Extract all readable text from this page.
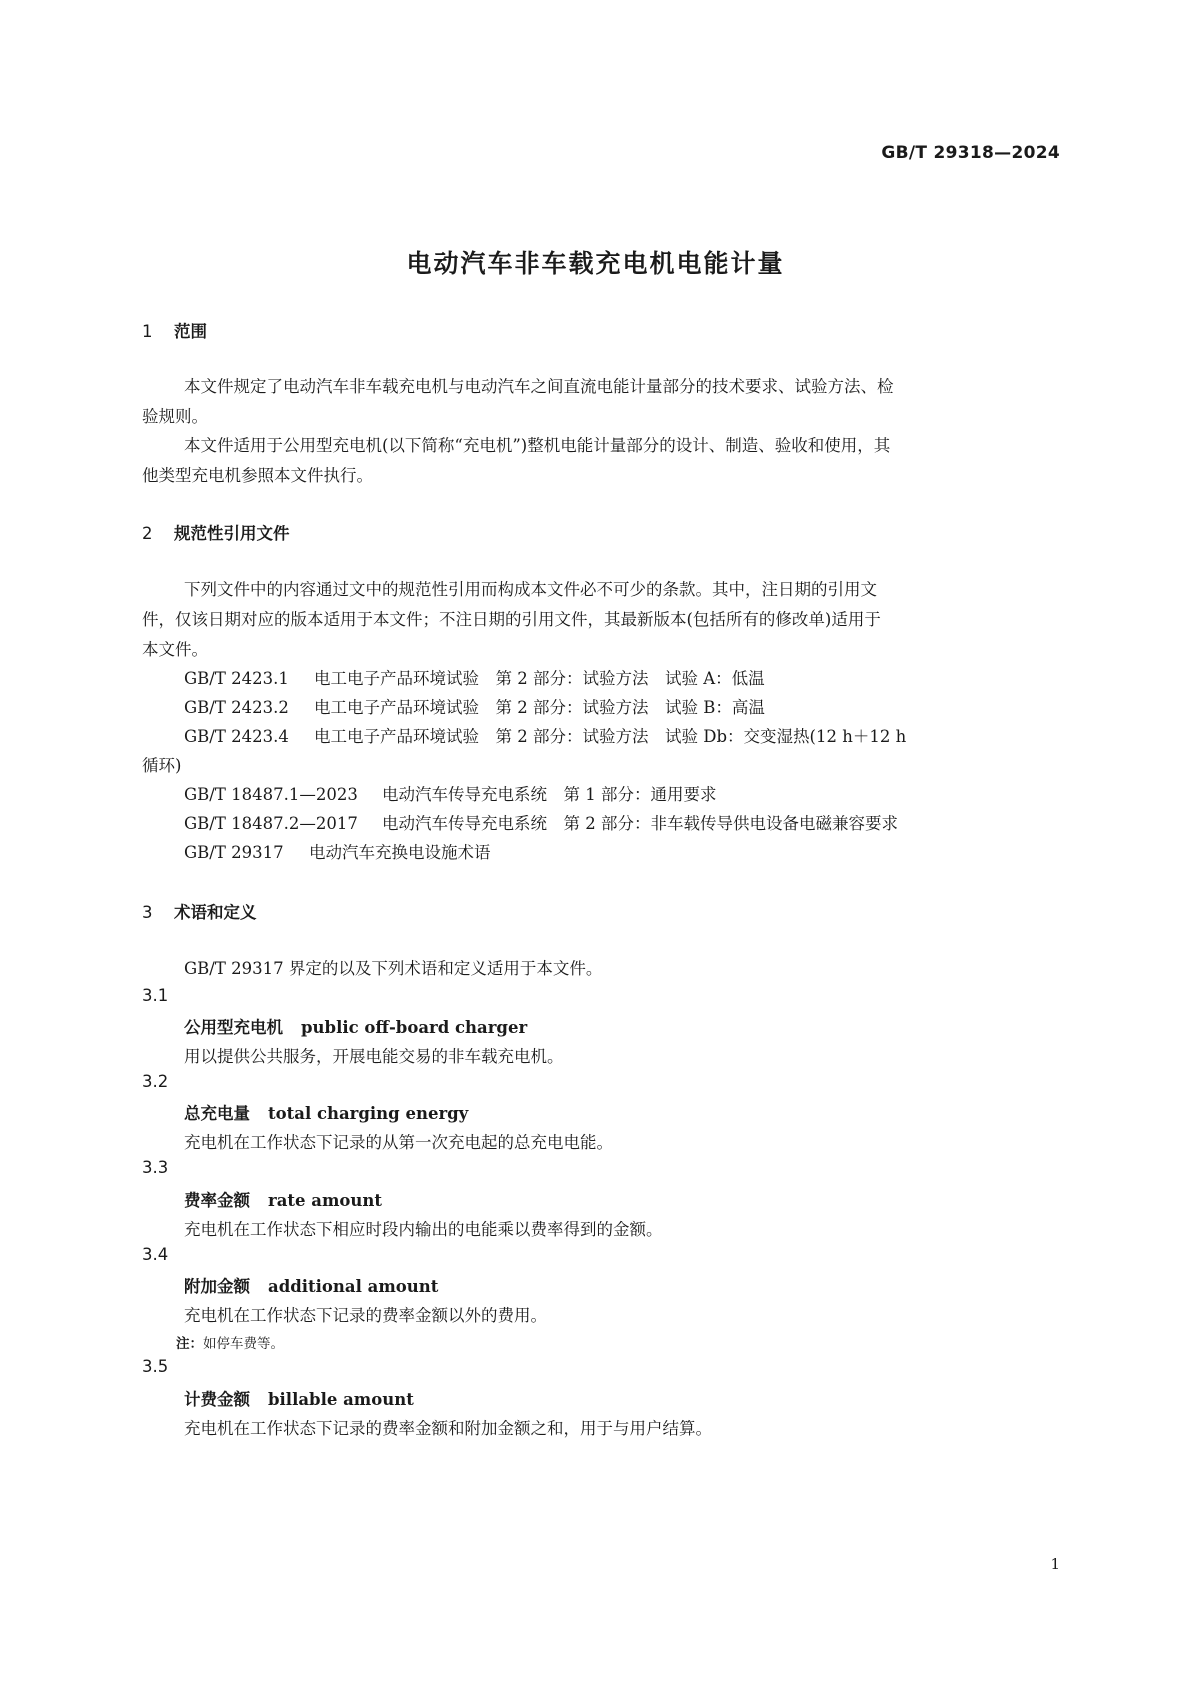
GB/T 29318—2024
电动汽车非车载充电机电能计量
1 范围
本文件规定了电动汽车非车载充电机与电动汽车之间直流电能计量部分的技术要求、试验方法、检
验规则。
本文件适用于公用型充电机(以下简称“充电机”)整机电能计量部分的设计、制造、验收和使用，其
他类型充电机参照本文件执行。
2 规范性引用文件
下列文件中的内容通过文中的规范性引用而构成本文件必不可少的条款。其中，注日期的引用文
件，仅该日期对应的版本适用于本文件；不注日期的引用文件，其最新版本(包括所有的修改单)适用于
本文件。
GB/T 2423.1 电工电子产品环境试验　第 2 部分：试验方法　试验 A：低温
GB/T 2423.2 电工电子产品环境试验　第 2 部分：试验方法　试验 B：高温
GB/T 2423.4 电工电子产品环境试验　第 2 部分：试验方法　试验 Db：交变湿热(12 h＋12 h
循环)
GB/T 18487.1—2023 电动汽车传导充电系统　第 1 部分：通用要求
GB/T 18487.2—2017 电动汽车传导充电系统　第 2 部分：非车载传导供电设备电磁兼容要求
GB/T 29317 电动汽车充换电设施术语
3 术语和定义
GB/T 29317 界定的以及下列术语和定义适用于本文件。
3.1
公用型充电机 public off-board charger
用以提供公共服务，开展电能交易的非车载充电机。
3.2
总充电量 total charging energy
充电机在工作状态下记录的从第一次充电起的总充电电能。
3.3
费率金额 rate amount
充电机在工作状态下相应时段内输出的电能乘以费率得到的金额。
3.4
附加金额 additional amount
充电机在工作状态下记录的费率金额以外的费用。
注：如停车费等。
3.5
计费金额 billable amount
充电机在工作状态下记录的费率金额和附加金额之和，用于与用户结算。
1
